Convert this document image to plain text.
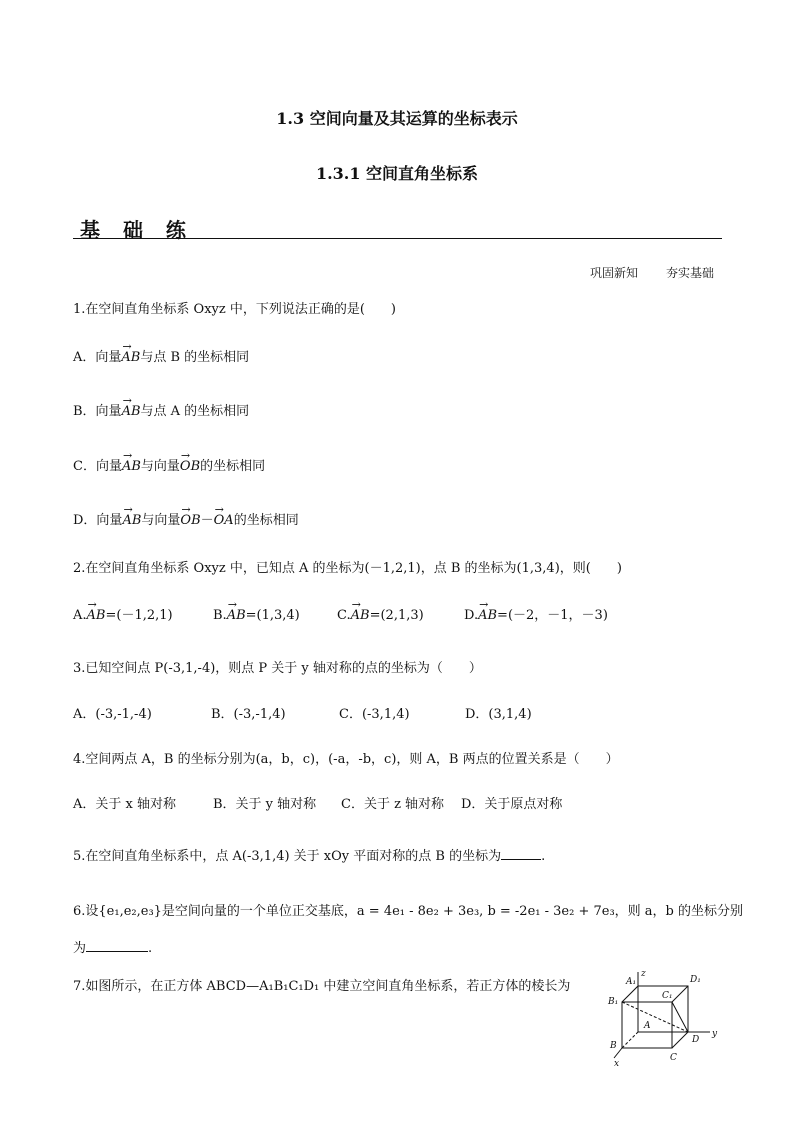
1.3 空间向量及其运算的坐标表示
1.3.1 空间直角坐标系
基 础 练
巩固新知 夯实基础
1.在空间直角坐标系 Oxyz 中，下列说法正确的是(　　)
A．向量→ AB与点 B 的坐标相同
B．向量→ AB与点 A 的坐标相同
C．向量→ AB与向量→ OB的坐标相同
D．向量→ AB与向量→ OB－→ OA的坐标相同
2.在空间直角坐标系 Oxyz 中，已知点 A 的坐标为(－1,2,1)，点 B 的坐标为(1,3,4)，则(　　)
A.→ AB=(－1,2,1)	B.→ AB=(1,3,4)	C.→ AB=(2,1,3)	D.→ AB=(－2，－1，－3)
3.已知空间点 P(-3,1,-4)，则点 P 关于 y 轴对称的点的坐标为（　　）
A．(-3,-1,-4)	B．(-3,-1,4)	C．(-3,1,4)	D．(3,1,4)
4.空间两点 A，B 的坐标分别为(a，b，c)，(-a，-b，c)，则 A，B 两点的位置关系是（　　）
A．关于 x 轴对称	B．关于 y 轴对称 C．关于 z 轴对称 D．关于原点对称
5.在空间直角坐标系中，点 A(-3,1,4) 关于 xOy 平面对称的点 B 的坐标为	.
6.设{e₁,e₂,e₃}是空间向量的一个单位正交基底，a = 4e₁ - 8e₂ + 3e₃, b = -2e₁ - 3e₂ + 7e₃，则 a，b 的坐标分别
为	.
7.如图所示，在正方体 ABCD—A₁B₁C₁D₁ 中建立空间直角坐标系，若正方体的棱长为
z
A₁	D₁
C₁
B₁
A
D
y
B
C
x
